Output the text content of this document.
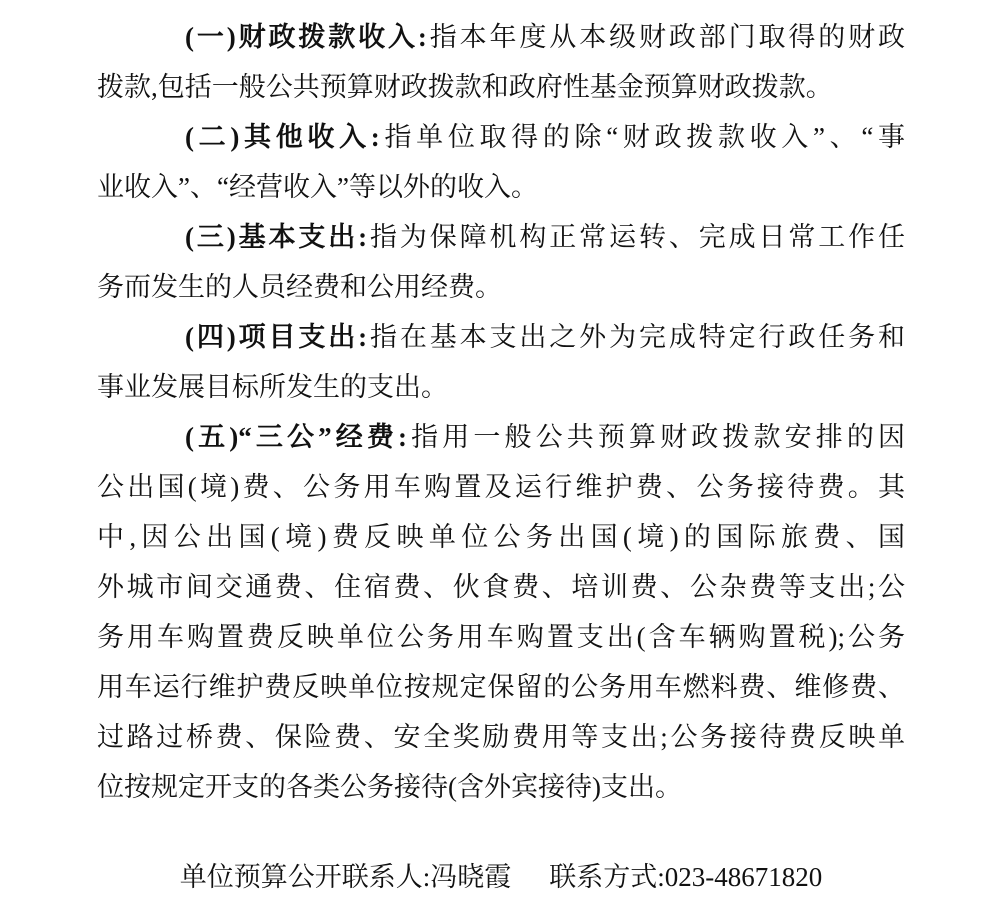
(一)财政拨款收入:指本年度从本级财政部门取得的财政
拨款,包括一般公共预算财政拨款和政府性基金预算财政拨款。
(二)其他收入:指单位取得的除“财政拨款收入”、“事
业收入”、“经营收入”等以外的收入。
(三)基本支出:指为保障机构正常运转、完成日常工作任
务而发生的人员经费和公用经费。
(四)项目支出:指在基本支出之外为完成特定行政任务和
事业发展目标所发生的支出。
(五)“三公”经费:指用一般公共预算财政拨款安排的因
公出国(境)费、公务用车购置及运行维护费、公务接待费。其
中,因公出国(境)费反映单位公务出国(境)的国际旅费、国
外城市间交通费、住宿费、伙食费、培训费、公杂费等支出;公
务用车购置费反映单位公务用车购置支出(含车辆购置税);公务
用车运行维护费反映单位按规定保留的公务用车燃料费、维修费、
过路过桥费、保险费、安全奖励费用等支出;公务接待费反映单
位按规定开支的各类公务接待(含外宾接待)支出。
单位预算公开联系人:冯晓霞 联系方式:023-48671820
